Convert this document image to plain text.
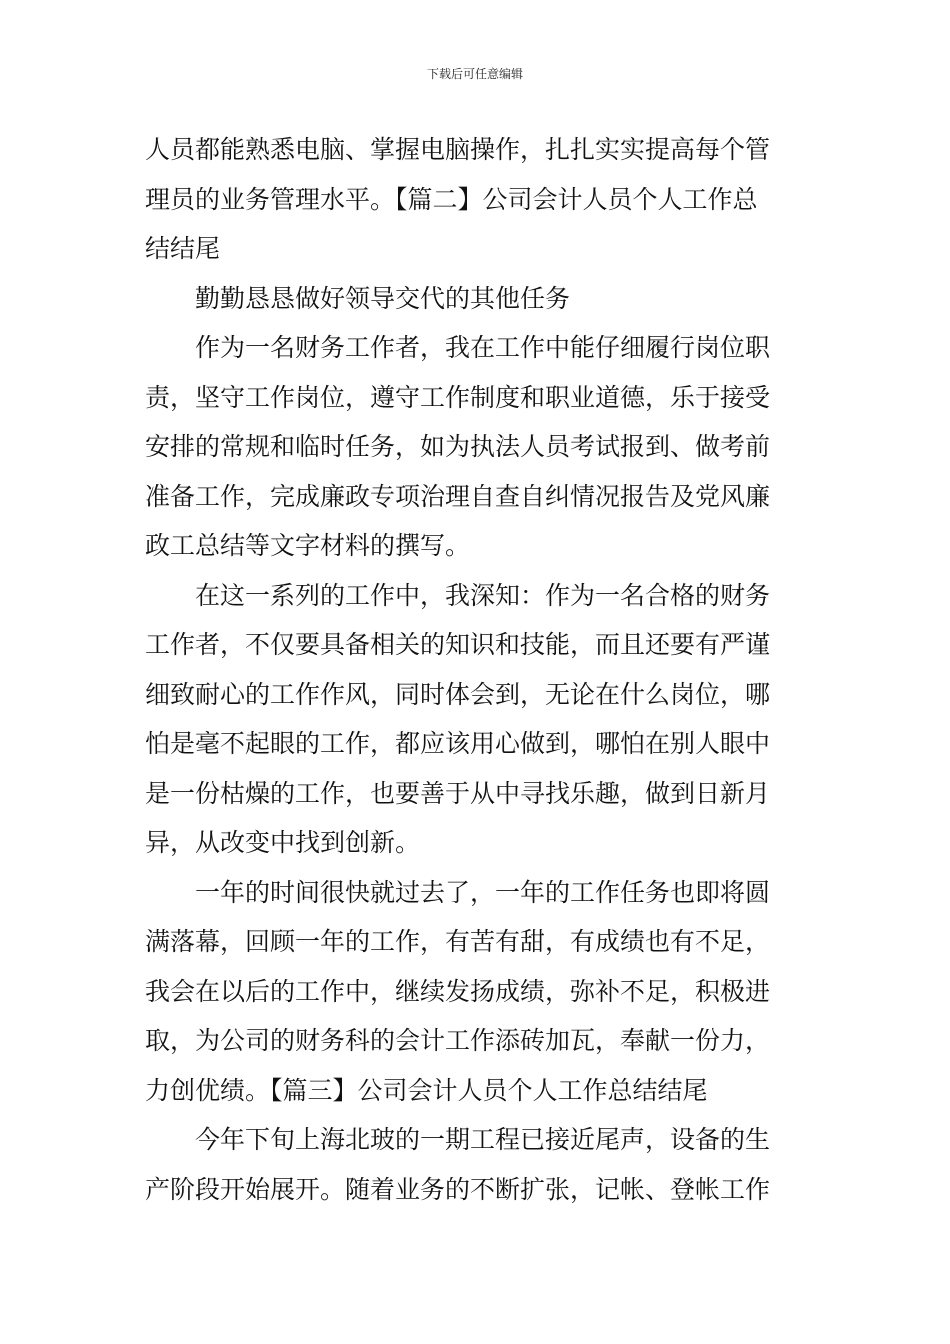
下载后可任意编辑

人员都能熟悉电脑、掌握电脑操作，扎扎实实提高每个管
理员的业务管理水平。【篇二】公司会计人员个人工作总
结结尾

勤勤恳恳做好领导交代的其他任务

作为一名财务工作者，我在工作中能仔细履行岗位职
责，坚守工作岗位，遵守工作制度和职业道德，乐于接受
安排的常规和临时任务，如为执法人员考试报到、做考前
准备工作，完成廉政专项治理自查自纠情况报告及党风廉
政工总结等文字材料的撰写。

在这一系列的工作中，我深知：作为一名合格的财务
工作者，不仅要具备相关的知识和技能，而且还要有严谨
细致耐心的工作作风，同时体会到，无论在什么岗位，哪
怕是毫不起眼的工作，都应该用心做到，哪怕在别人眼中
是一份枯燥的工作，也要善于从中寻找乐趣，做到日新月
异，从改变中找到创新。

一年的时间很快就过去了，一年的工作任务也即将圆
满落幕，回顾一年的工作，有苦有甜，有成绩也有不足，
我会在以后的工作中，继续发扬成绩，弥补不足，积极进
取，为公司的财务科的会计工作添砖加瓦，奉献一份力，
力创优绩。【篇三】公司会计人员个人工作总结结尾

今年下旬上海北玻的一期工程已接近尾声，设备的生
产阶段开始展开。随着业务的不断扩张，记帐、登帐工作
